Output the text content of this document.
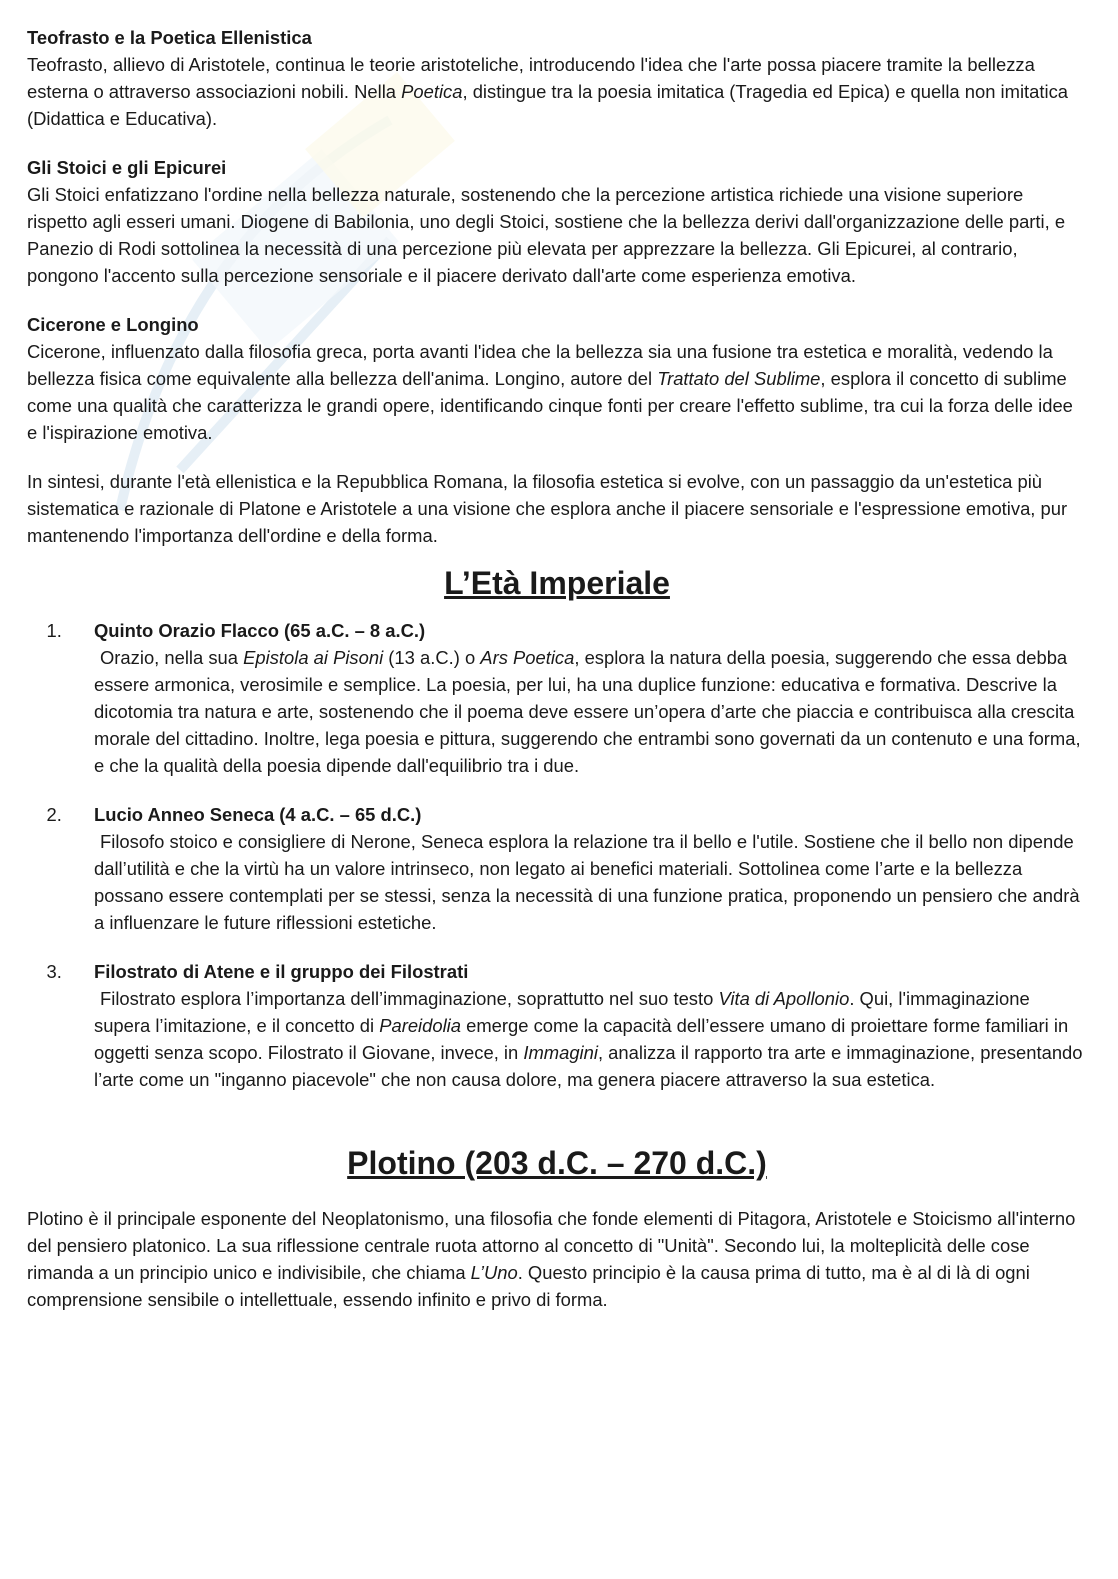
Teofrasto e la Poetica Ellenistica

Teofrasto, allievo di Aristotele, continua le teorie aristoteliche, introducendo l'idea che l'arte possa piacere tramite la bellezza esterna o attraverso associazioni nobili. Nella Poetica, distingue tra la poesia imitatica (Tragedia ed Epica) e quella non imitatica (Didattica e Educativa).

Gli Stoici e gli Epicurei

Gli Stoici enfatizzano l'ordine nella bellezza naturale, sostenendo che la percezione artistica richiede una visione superiore rispetto agli esseri umani. Diogene di Babilonia, uno degli Stoici, sostiene che la bellezza derivi dall'organizzazione delle parti, e Panezio di Rodi sottolinea la necessità di una percezione più elevata per apprezzare la bellezza. Gli Epicurei, al contrario, pongono l'accento sulla percezione sensoriale e il piacere derivato dall'arte come esperienza emotiva.

Cicerone e Longino

Cicerone, influenzato dalla filosofia greca, porta avanti l'idea che la bellezza sia una fusione tra estetica e moralità, vedendo la bellezza fisica come equivalente alla bellezza dell'anima. Longino, autore del Trattato del Sublime, esplora il concetto di sublime come una qualità che caratterizza le grandi opere, identificando cinque fonti per creare l'effetto sublime, tra cui la forza delle idee e l'ispirazione emotiva.

In sintesi, durante l'età ellenistica e la Repubblica Romana, la filosofia estetica si evolve, con un passaggio da un'estetica più sistematica e razionale di Platone e Aristotele a una visione che esplora anche il piacere sensoriale e l'espressione emotiva, pur mantenendo l'importanza dell'ordine e della forma.

L’Età Imperiale
1. Quinto Orazio Flacco (65 a.C. – 8 a.C.)
Orazio, nella sua Epistola ai Pisoni (13 a.C.) o Ars Poetica, esplora la natura della poesia, suggerendo che essa debba essere armonica, verosimile e semplice. La poesia, per lui, ha una duplice funzione: educativa e formativa. Descrive la dicotomia tra natura e arte, sostenendo che il poema deve essere un’opera d’arte che piaccia e contribuisca alla crescita morale del cittadino. Inoltre, lega poesia e pittura, suggerendo che entrambi sono governati da un contenuto e una forma, e che la qualità della poesia dipende dall'equilibrio tra i due.
2. Lucio Anneo Seneca (4 a.C. – 65 d.C.)
Filosofo stoico e consigliere di Nerone, Seneca esplora la relazione tra il bello e l'utile. Sostiene che il bello non dipende dall’utilità e che la virtù ha un valore intrinseco, non legato ai benefici materiali. Sottolinea come l’arte e la bellezza possano essere contemplati per se stessi, senza la necessità di una funzione pratica, proponendo un pensiero che andrà a influenzare le future riflessioni estetiche.
3. Filostrato di Atene e il gruppo dei Filostrati
Filostrato esplora l’importanza dell’immaginazione, soprattutto nel suo testo Vita di Apollonio. Qui, l'immaginazione supera l’imitazione, e il concetto di Pareidolia emerge come la capacità dell’essere umano di proiettare forme familiari in oggetti senza scopo. Filostrato il Giovane, invece, in Immagini, analizza il rapporto tra arte e immaginazione, presentando l’arte come un "inganno piacevole" che non causa dolore, ma genera piacere attraverso la sua estetica.
Plotino (203 d.C. – 270 d.C.)

Plotino è il principale esponente del Neoplatonismo, una filosofia che fonde elementi di Pitagora, Aristotele e Stoicismo all'interno del pensiero platonico. La sua riflessione centrale ruota attorno al concetto di "Unità". Secondo lui, la molteplicità delle cose rimanda a un principio unico e indivisibile, che chiama L’Uno. Questo principio è la causa prima di tutto, ma è al di là di ogni comprensione sensibile o intellettuale, essendo infinito e privo di forma.
